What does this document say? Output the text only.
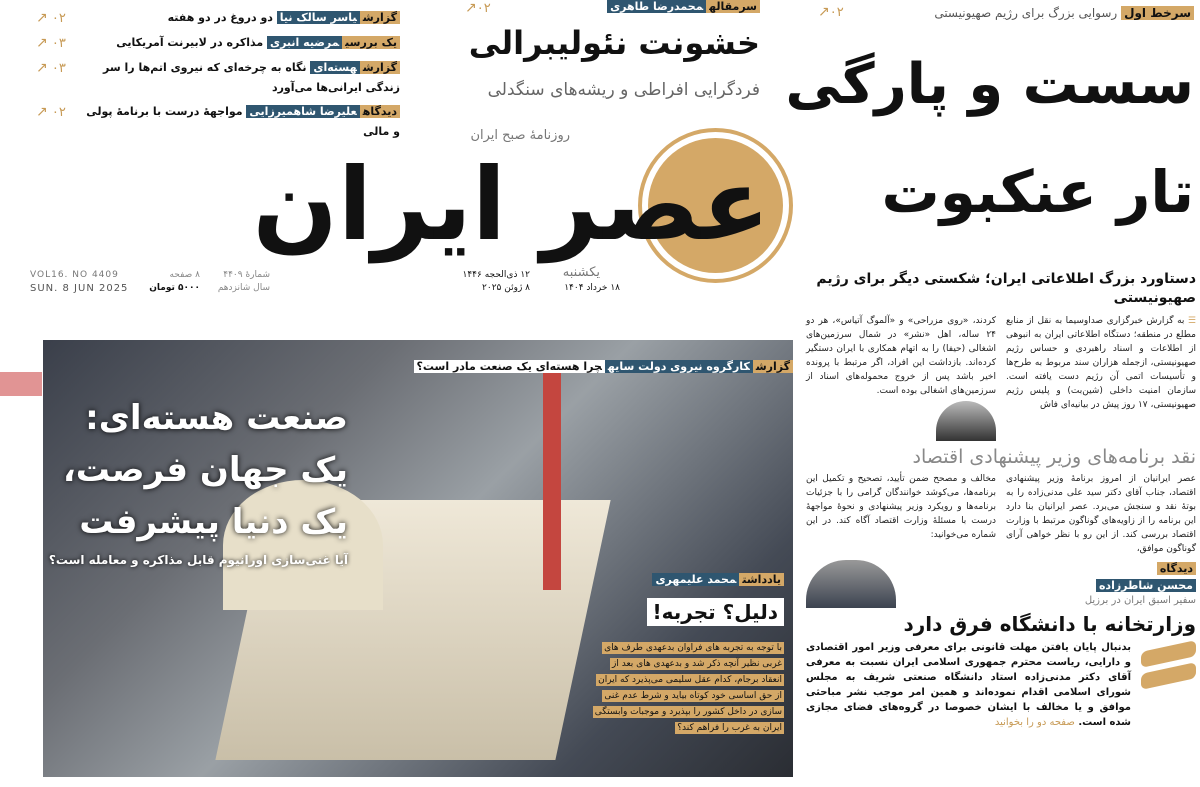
گزارشیاسر سالک نیا دو دروغ در دو هفته
↗ ۰۲
یک بررسیمرضیه انبری مذاکره در لابیرنت آمریکایی
↗ ۰۳
گزارشهسته‌ای نگاه به چرخه‌ای که نیروی اتم‌ها را سر زندگی ایرانی‌ها می‌آورد
↗ ۰۳
دیدگاهعلیرضا شاهمیرزایی مواجههٔ درست با برنامهٔ پولی و مالی
↗ ۰۲
سرمقالهمحمدرضا طاهری
↗۰۲
خشونت نئولیبرالی
فردگرایی افراطی و ریشه‌های سنگدلی
سرخط اول رسوایی بزرگ برای رژیم صهیونیستی
↗۰۲
سست و پارگی
تار عنکبوت
دستاورد بزرگ اطلاعاتی ایران؛ شکستی دیگر برای رژیم صهیونیستی
☰ به گزارش خبرگزاری صداوسیما به نقل از منابع مطلع در منطقه؛ دستگاه اطلاعاتی ایران به انبوهی از اطلاعات و اسناد راهبردی و حساس رژیم صهیونیستی، ازجمله هزاران سند مربوط به طرح‌ها و تأسیسات اتمی آن رژیم دست یافته است. سازمان امنیت داخلی (شین‌بت) و پلیس رژیم صهیونیستی، ۱۷ روز پیش در بیانیه‌ای فاش
کردند، «روی مزراحی» و «آلموگ آتیاس»، هر دو ۲۴ ساله، اهل «نشر» در شمال سرزمین‌های اشغالی (حیفا) را به اتهام همکاری با ایران دستگیر کرده‌اند. بازداشت این افراد، اگر مرتبط با پرونده اخیر باشد پس از خروج محموله‌های اسناد از سرزمین‌های اشغالی بوده است.
نقد برنامه‌های وزیر پیشنهادی اقتصاد
عصر ایرانیان از امروز برنامهٔ وزیر پیشنهادی اقتصاد، جناب آقای دکتر سید علی مدنی‌زاده را به بوتهٔ نقد و سنجش می‌برد. عصر ایرانیان بنا دارد این برنامه را از زاویه‌های گوناگون مرتبط با وزارت اقتصاد بررسی کند. از این رو با نظر خواهی آرای گوناگون موافق،
مخالف و مصحح ضمن تأیید، تصحیح و تکمیل این برنامه‌ها، می‌کوشد خوانندگان گرامی را با جزئیات برنامه‌ها و رویکرد وزیر پیشنهادی و نحوهٔ مواجههٔ درست با مسئلهٔ وزارت اقتصاد آگاه کند. در این شماره می‌خوانید:
دیدگاه
محسن شاطرزاده
سفیر اسبق ایران در برزیل
وزارتخانه با دانشگاه فرق دارد
بدنبال پایان یافتن مهلت قانونی برای معرفی وزیر امور اقتصادی و دارایی، ریاست محترم جمهوری اسلامی ایران نسبت به معرفی آقای دکتر مدنی‌زاده استاد دانشگاه صنعتی شریف به مجلس شورای اسلامی اقدام نموده‌اند و همین امر موجب نشر مباحثی موافق و یا مخالف با ایشان خصوصا در گروه‌های فضای مجازی شده است. صفحه دو را بخوانید
عصر ایران
روزنامهٔ صبح ایران
یکشنبه
۱۸ خرداد ۱۴۰۴
۱۲ ذی‌الحجه ۱۴۴۶
۸ ژوئن ۲۰۲۵
شمارهٔ ۴۴۰۹
سال شانزدهم
۸ صفحه
۵۰۰۰ تومان
VOL16. NO 4409
SUN. 8 JUN 2025
گزارشکارگروه نیروی دولت سایهچرا هسته‌ای یک صنعت مادر است؟
صنعت هسته‌ای:
یک جهان فرصت،
یک دنیا پیشرفت
آیا غنی‌سازی اورانیوم قابل مذاکره و معامله است؟
یادداشتمحمد علیمهری
دلیل؟ تجربه!
با توجه به تجربه های فراوان بدعهدی طرف های غربی نظیر آنچه ذکر شد و بدعهدی های بعد از انعقاد برجام، کدام عقل سلیمی می‌پذیرد که ایران از حق اساسی خود کوتاه بیاید و شرط عدم غنی سازی در داخل کشور را بپذیرد و موجبات وابستگی ایران به غرب را فراهم کند؟
